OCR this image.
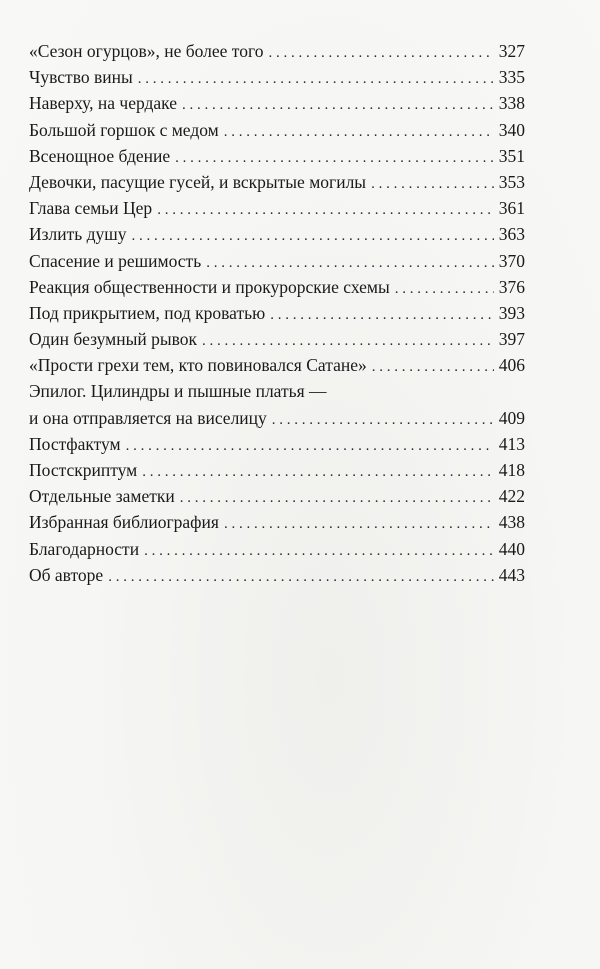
«Сезон огурцов», не более того . . .	327
Чувство вины . . .	335
Наверху, на чердаке . . .	338
Большой горшок с медом . . .	340
Всенощное бдение . . .	351
Девочки, пасущие гусей, и вскрытые могилы . . .	353
Глава семьи Цер . . .	361
Излить душу . . .	363
Спасение и решимость . . .	370
Реакция общественности и прокурорские схемы . . .	376
Под прикрытием, под кроватью . . .	393
Один безумный рывок . . .	397
«Прости грехи тем, кто повиновался Сатане» . . .	406
Эпилог. Цилиндры и пышные платья —
и она отправляется на виселицу . . .	409
Постфактум . . .	413
Постскриптум . . .	418
Отдельные заметки . . .	422
Избранная библиография . . .	438
Благодарности . . .	440
Об авторе . . .	443
